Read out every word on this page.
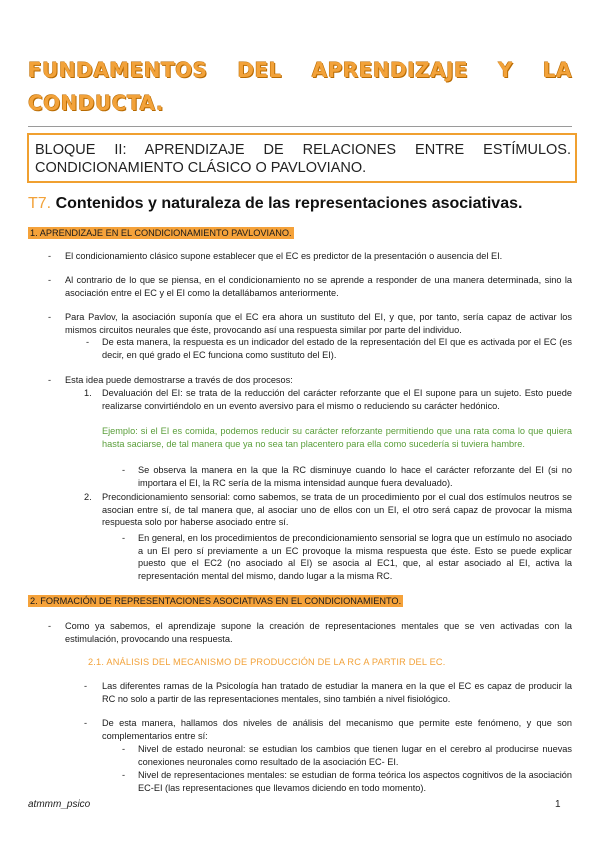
FUNDAMENTOS DEL APRENDIZAJE Y LA CONDUCTA.
BLOQUE II: APRENDIZAJE DE RELACIONES ENTRE ESTÍMULOS. CONDICIONAMIENTO CLÁSICO O PAVLOVIANO.
T7. Contenidos y naturaleza de las representaciones asociativas.
1. APRENDIZAJE EN EL CONDICIONAMIENTO PAVLOVIANO.
- El condicionamiento clásico supone establecer que el EC es predictor de la presentación o ausencia del EI.
- Al contrario de lo que se piensa, en el condicionamiento no se aprende a responder de una manera determinada, sino la asociación entre el EC y el EI como la detallábamos anteriormente.
- Para Pavlov, la asociación suponía que el EC era ahora un sustituto del EI, y que, por tanto, sería capaz de activar los mismos circuitos neurales que éste, provocando así una respuesta similar por parte del individuo.
- De esta manera, la respuesta es un indicador del estado de la representación del EI que es activada por el EC (es decir, en qué grado el EC funciona como sustituto del EI).
- Esta idea puede demostrarse a través de dos procesos:
1. Devaluación del EI: se trata de la reducción del carácter reforzante que el EI supone para un sujeto. Esto puede realizarse convirtiéndolo en un evento aversivo para el mismo o reduciendo su carácter hedónico.
Ejemplo: si el EI es comida, podemos reducir su carácter reforzante permitiendo que una rata coma lo que quiera hasta saciarse, de tal manera que ya no sea tan placentero para ella como sucedería si tuviera hambre.
- Se observa la manera en la que la RC disminuye cuando lo hace el carácter reforzante del EI (si no importara el EI, la RC sería de la misma intensidad aunque fuera devaluado).
2. Precondicionamiento sensorial: como sabemos, se trata de un procedimiento por el cual dos estímulos neutros se asocian entre sí, de tal manera que, al asociar uno de ellos con un EI, el otro será capaz de provocar la misma respuesta solo por haberse asociado entre sí.
- En general, en los procedimientos de precondicionamiento sensorial se logra que un estímulo no asociado a un EI pero sí previamente a un EC provoque la misma respuesta que éste. Esto se puede explicar puesto que el EC2 (no asociado al EI) se asocia al EC1, que, al estar asociado al EI, activa la representación mental del mismo, dando lugar a la misma RC.
2. FORMACIÓN DE REPRESENTACIONES ASOCIATIVAS EN EL CONDICIONAMIENTO.
- Como ya sabemos, el aprendizaje supone la creación de representaciones mentales que se ven activadas con la estimulación, provocando una respuesta.
2.1. ANÁLISIS DEL MECANISMO DE PRODUCCIÓN DE LA RC A PARTIR DEL EC.
- Las diferentes ramas de la Psicología han tratado de estudiar la manera en la que el EC es capaz de producir la RC no solo a partir de las representaciones mentales, sino también a nivel fisiológico.
- De esta manera, hallamos dos niveles de análisis del mecanismo que permite este fenómeno, y que son complementarios entre sí:
- Nivel de estado neuronal: se estudian los cambios que tienen lugar en el cerebro al producirse nuevas conexiones neuronales como resultado de la asociación EC- EI.
- Nivel de representaciones mentales: se estudian de forma teórica los aspectos cognitivos de la asociación EC-EI (las representaciones que llevamos diciendo en todo momento).
atmmm_psico	1
